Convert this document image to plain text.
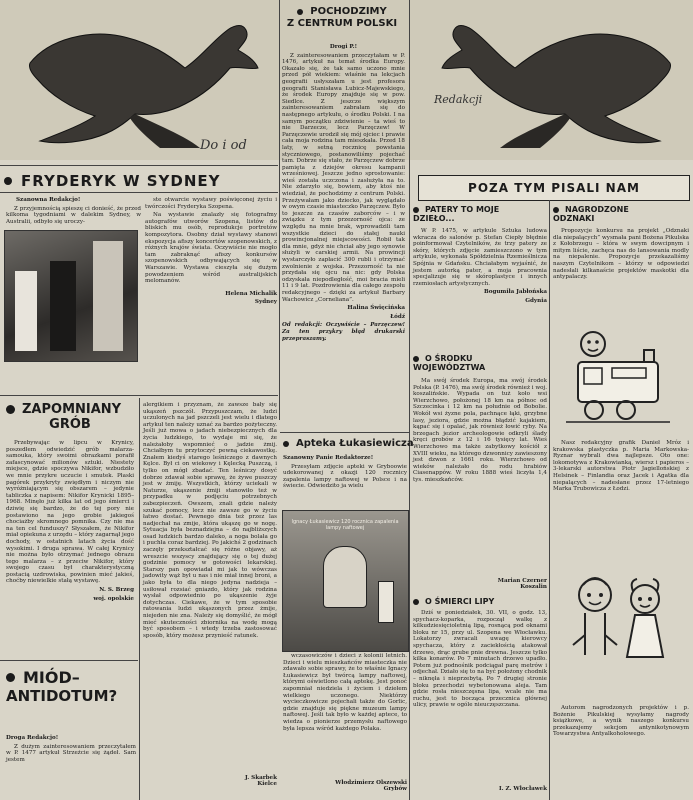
Do i od
Redakcji
POCHODZIMY
Z CENTRUM POLSKI

Drogi P.!

Z zainteresowaniem przeczytałam w P. 1476, artykuł na temat środka Europy. Okazało się, że tak samo uczono mnie przed pół wiekiem: właśnie na lekcjach geografii usłyszałam u jest profesora geografii Stanisława Lubicz-Majewskiego, że środek Europy znajduje się w pow. Siedlce. Z jeszcze większym zainteresowaniem zabrałam się do następnego artykułu, o środku Polski. I na samym początku zdziwienie – ta wieś to nie Darzecze, lecz Parzęczew! W Parzęczewie urodził się mój ojciec i prawie cała moja rodzina tam mieszkała. Przed 18 laty, w setną rocznicę powstania styczniowego, postanowiliśmy pojechać tam. Dobrze się stało, że Parzęczew dobrze pamięta z dziejów okresu kampanii wrześniowej. Jeszcze jedno sprostowanie: wieś została uczczona i zasłużyła na to. Nie zdarzyło się, bowiem, aby ktoś nie wiedział, że pochodzimy z centrum Polski. Przeżywałam jako dziecko, jak wyglądało w owym czasie miasteczko Parzęczew. Było to jeszcze za czasów zaborców – i w związku z tym przezorność ojca: ze względu na mnie brak, wprowadzili tam wszystkie dzieci do stałej nauki prowincjonalnej miejscowości. Robił tak dla mnie, gdyż nie chciał aby jego synowie służyli w carskiej armii. Na prowincji wystarczyło zapłacić 300 rubli i otrzymać zwolnienie z wojska. Przezorność ta nie przydała się ojcu na nic: gdy Polska odzyskała niepodległość, moi bracia mieli 11 i 9 lat. Pozdrowienia dla całego zespołu redakcyjnego – dzięki za artykuł Barbary Wachowicz „Corneliana”.

Halina Święcińska

Łódź

Od redakcji: Oczywiście – Parzęczew! Za ten przykry błąd drukarski przepraszamy.

FRYDERYK W SYDNEY

Szanowna Redakcjo!

Z przyjemnością spieszę ci donieść, że przed kilkoma tygodniami w dalekim Sydney, w Australii, odbyło się uroczy-

ste otwarcie wystawy poświęconej życiu i twórczości Fryderyka Szopena.

Na wystawie znalazły się fotografmy autografów utworów Szopena, listów do bliskich mu osób, reprodukcje portretów kompozytora. Osobny dział wystawy stanowi ekspozycja afiszy koncertów szopenowskich, z różnych krajów świata. Oczywiście nie mogło tam zabraknąć afiszy konkursów szopenowskich odbywających się w Warszawie. Wystawa cieszyła się dużym powodzeniem wśród australijskich melomanów.

Helena Michalik

Sydney

ZAPOMNIANY
GRÓB

Przebywając w lipcu w Krynicy, poszedłem odwiedzić grób malarza-samouka, który swoimi obrazkami porafił zafascynować milionów sztuki. Niestety miejsce, gdzie spoczywa Nikifor, wzbudziło we mnie przykre uczucie i smutek. Płaski pagórek przykryty zwiędłym i niczym nie wyróżniającym się obszarem – jedynie tabliczka z napisem: Nikifor Krynicki 1895–1968. Minęło już kilka lat od jego śmierci i dziwię się bardzo, że do tej pory nie postawiono na jego grobie jakiegoś chociażby skromnego pomnika. Czy nie ma na ten cel funduszy? Słyszałem, że Nikifor miał opiekuna z urzędu – który zagarnął jego dochody, w ostatnich latach życia dość wysokimi. I druga sprawa. W całej Krynicy nie można było otrzymać jednego obrazu tego malarza – z przeciw Nikifor, który swojego czasu był charakterystyczną postacią uzdrowiska, powinien mieć jakieś, choćby niewielkie stałą wystawę.

N. S. Brzeg

woj. opolskie

MIÓD–
ANTIDOTUM?

Droga Redakcjo!

Z dużym zainteresowaniem przeczytałem w P. 1477 artykuł Strzeżcie się żądeł. Sam jestem

alergikiem i przyznam, że zawsze bały się ukąszeń pszczół. Przypuszczam, że ludzi uczulonych na jad pszczeli jest wielu i dlatego artykuł ten należy uznać za bardzo pożyteczny. Jeśli już mowa o jadach niebezpiecznych dla życia ludzkiego, to wydaje mi się, że należałoby wspomnieć o jadzie żmij. Chciałbym tu przytoczyć pewną ciekawostkę. Znałem kiedyś starego leśniczego z dawnych Kęlce. Był ci on wiekowy i Kęlecką Puszczą, i tylko on mógł zbadać. Ten leśniczy dosyć dobrze zdawał sobie sprawę, że żywe puszczy jest w żmiję. Wszystkich, którzy uciekali w Naturze, ukąszenie żmiji stanowiło też w przypadku w podjęciu potrzebnych zabezpieczeń. Owszem, znali gdzie należy szukać pomocy, lecz nie zawsze go w życiu łatwo dostać. Pewnego dnia też przez las nadjechał na zmije, która ukąszę go w nogę. Sytuacja była beznadziejna – do najbliższych osad ludzkich bardzo daleko, a noga bolała go i puchła coraz bardziej. Po jakichś 2 godzinach zaczęły przekształcać się różne objawy, aż wreszcie wszyscy znajdujący się o tej dużej godzinie pomocy w gotowości lekarskiej. Starszy pan opowiadał mi jak to wówczas jadowity wąż był u nas i nie miał innej broni, a jako była to dla niego jedyna nadzieja – usiłował rozsiać gniazdo, który jak rodzina wysłał odpowiednio po ukąszenie żyje dotychczas. Ciekawe, że w tym sposobie ratowania ludzi ukąszonych przez żmije, niejeden nie zna. Należy się domyślić, że mógł mieć skuteczności zbiornika na wodę mogą być sposobem – i wtedy trzeba zastosować sposób, który możesz przynieść ratunek.

J. Skarbek
Kielce
Apteka Łukasiewicza

Szanowny Panie Redaktorze!

Przesyłam zdjęcie apteki w Gryboowie udekorowanej z okazji 120 rocznicy zapalenia lampy naftowej w Polsce i na świecie. Odwiedzito ja wielu

Ignacy Łukasiewicz 120 rocznica zapalenia lampy naftowej

wczasowiczów i dzieci z kolonii letnich. Dzieci i wielu mieszkańców miasteczka nie zdawało sobie sprawy, że to właśnie Ignacy Łukasiewicz był twórcą lampy naftowej, którymi oświetlono całą aptekę. Jest ponoć zapomniał niedziela i życiem i dziełem wielkiego uczonego. Niektórzy wycieczkowicze pojechali także do Gorlic, gdzie znajduje się piękne muzeum lampy naftowej. Jeśli tak było w każdej aptece, to wiedza o pionierze przemysłu naftowego była lepsza wśród każdego Polaka.

Włodzimierz Olszewski
Grybów
POZA TYM PISALI NAM
PATERY TO MOJE
DZIEŁO...

W P. 1475, w artykule Sztuka ludowa wkracza do salonów p. Stefan Ciepły błędnie poinformował Czytelników, że trzy patery ze skóry, których zdjęcie zamieszczono w tym artykule, wykonała Spółdzielnia Rzemieślnicza Spójnia w Gdańsku. Chciałabym wyjaśnić, że jestem autorką pater, a moja pracownia specjalizuje się w skóroplastyce i innych rzemiosłach artystycznych.

Bogumiła Jabłońska

Gdynia

O ŚRODKU
WOJEWÓDZTWA

Ma swój środek Europa, ma swój środek Polska (P. 1476), ma swój środek również i woj. koszalińskie. Wypada on tuż koło wsi Wierzchowo, położonej 18 km na północ od Szczecinka i 12 km na południe od Boboliе. Wokół wsi żyzne pola, pachnące łąki, grzybne lasy, jeziora, gdzie można błądzić kajakiem, kąpać się i opalać, jak również łowić ryby. Na brzegach jezior archeologowie odkryli ślady kręci grobów z 12 i 16 tysięcy lat. Wieś Wierzchowo ma także zabytkowy kościół z XVIII wieku, na którego dzwonnicy zawieszony jest dzwon z 1661 roku. Wierzchowo od wieków należało do rodu hrabiów Ciasenappów. W roku 1888 wieś liczyła 1,4 tys. mieszkańców.

Marian Czerner
Koszalin
O ŚMIERCI LIPY

Dziś w poniedziałek, 30. VII, o godz. 13, spychacz-koparka, rozpoczął walkę z kilkudziesięcioletnią lipą, rosnącą pod oknami bloku nr 15, przy ul. Szopena we Włocławku. Lokatorzy zwracali uwagę kierowcy spychacza, który z zaciekłością atakował drzewo, drąc grube pnie drewna. Jeszcze tylko kilka konarów. Po 7 minutach drzewo upadło. Potem już podnośnik podciągał parę metrów i odjechał. Działo się to na być położony chodnik – niknęła i nieprzebytą. Po 7 drugiej stronie bloku przechodzi wybetonowana aleja. Tam gdzie rosła nieszczęsna lipa, wcale nie ma ruchu, jest to bocząca przecznica głównej ulicy, prawie w ogóle nieuczęszczana.

I. Z. Włocławek
NAGRODZONE
ODZNAKI

Propozycje konkursu na projekt „Odznaki dla niepalących” wysmała pani Bożena Pikulska z Kołobrzegu – która w swym dowcipnym i mitym liście, zachęca nas do lansowania modly na niepalenie. Propozycje przekazaliśmy naszym Czytelnikom – którzy w odpowiedzi nadesłali kilkanaście projektów maskotki dla antypalaczy.

Nasz redakcyjny grafik Danieł Mróz i krakowska plastyczka p. Maria Markowska-Ryznar wybrali dwa najlepsze. Oto one: lokomotywa z Krakowianką, wiersz i papieros – 3-lekarski autorstwa Piotr Jagiellońskiej z Helsinek – Finlandia oraz Jacek i Agatka dla niepalących – nadesłane przez 17-letniego Marka Trubowicza z Łodzi.

Autorom nagrodzonych projektów i p. Bożenie Pikulskiej wysyłamy nagrody książkowe, a wynik naszego konkursu przekazujemy sekcjom antynikotynowym Towarzystwa Antyalkoholowego.
